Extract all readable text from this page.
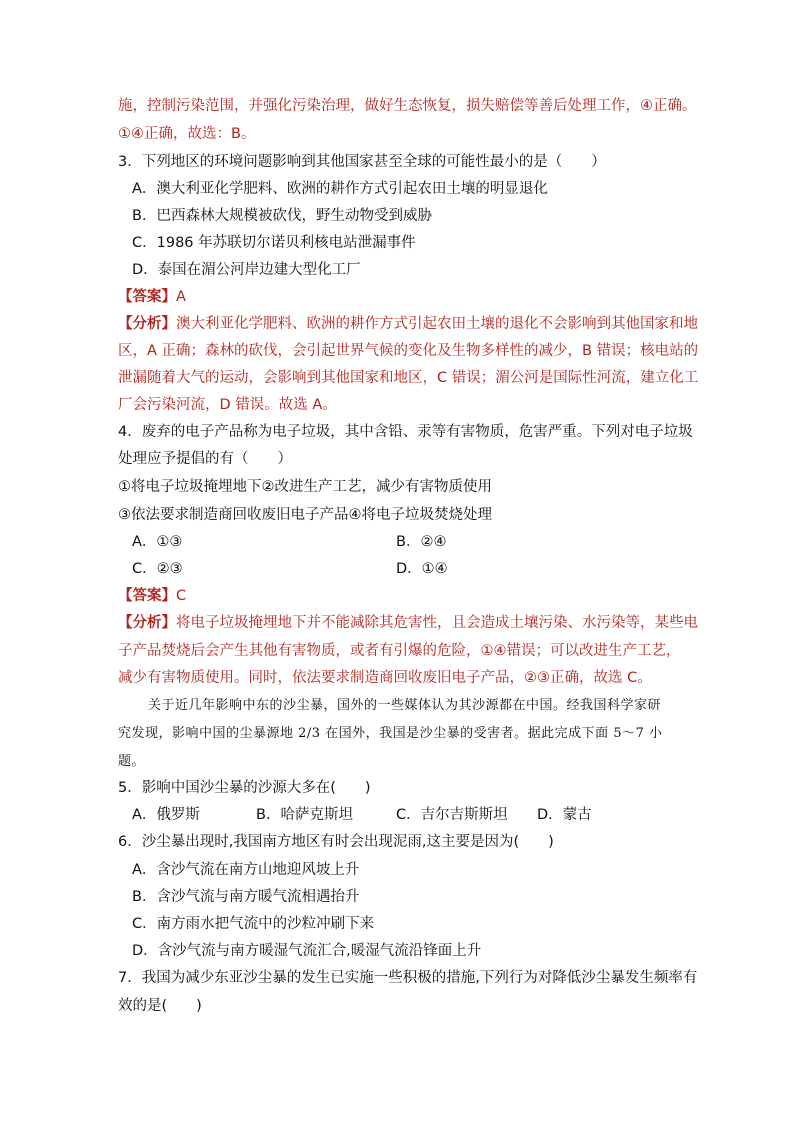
施，控制污染范围，并强化污染治理，做好生态恢复，损失赔偿等善后处理工作，④正确。
①④正确，故选：B。
3．下列地区的环境问题影响到其他国家甚至全球的可能性最小的是（　　）
A．澳大利亚化学肥料、欧洲的耕作方式引起农田土壤的明显退化
B．巴西森林大规模被砍伐，野生动物受到威胁
C．1986 年苏联切尔诺贝利核电站泄漏事件
D．泰国在湄公河岸边建大型化工厂
【答案】A
【分析】澳大利亚化学肥料、欧洲的耕作方式引起农田土壤的退化不会影响到其他国家和地
区，A 正确；森林的砍伐，会引起世界气候的变化及生物多样性的减少，B 错误；核电站的
泄漏随着大气的运动，会影响到其他国家和地区，C 错误；湄公河是国际性河流，建立化工
厂会污染河流，D 错误。故选 A。
4．废弃的电子产品称为电子垃圾，其中含铅、汞等有害物质，危害严重。下列对电子垃圾
处理应予提倡的有（　　）
①将电子垃圾掩埋地下②改进生产工艺，减少有害物质使用
③依法要求制造商回收废旧电子产品④将电子垃圾焚烧处理
A．①③	B．②④
C．②③	D．①④
【答案】C
【分析】将电子垃圾掩埋地下并不能减除其危害性，且会造成土壤污染、水污染等，某些电
子产品焚烧后会产生其他有害物质，或者有引爆的危险，①④错误；可以改进生产工艺，
减少有害物质使用。同时，依法要求制造商回收废旧电子产品，②③正确，故选 C。
关于近几年影响中东的沙尘暴，国外的一些媒体认为其沙源都在中国。经我国科学家研
究发现，影响中国的尘暴源地 2/3 在国外，我国是沙尘暴的受害者。据此完成下面 5～7 小
题。
5．影响中国沙尘暴的沙源大多在(　　)
A．俄罗斯	B．哈萨克斯坦	C．吉尔吉斯斯坦 D．蒙古
6．沙尘暴出现时,我国南方地区有时会出现泥雨,这主要是因为(　　)
A．含沙气流在南方山地迎风坡上升
B．含沙气流与南方暖气流相遇抬升
C．南方雨水把气流中的沙粒冲刷下来
D．含沙气流与南方暖湿气流汇合,暖湿气流沿锋面上升
7．我国为减少东亚沙尘暴的发生已实施一些积极的措施,下列行为对降低沙尘暴发生频率有
效的是(　　)
